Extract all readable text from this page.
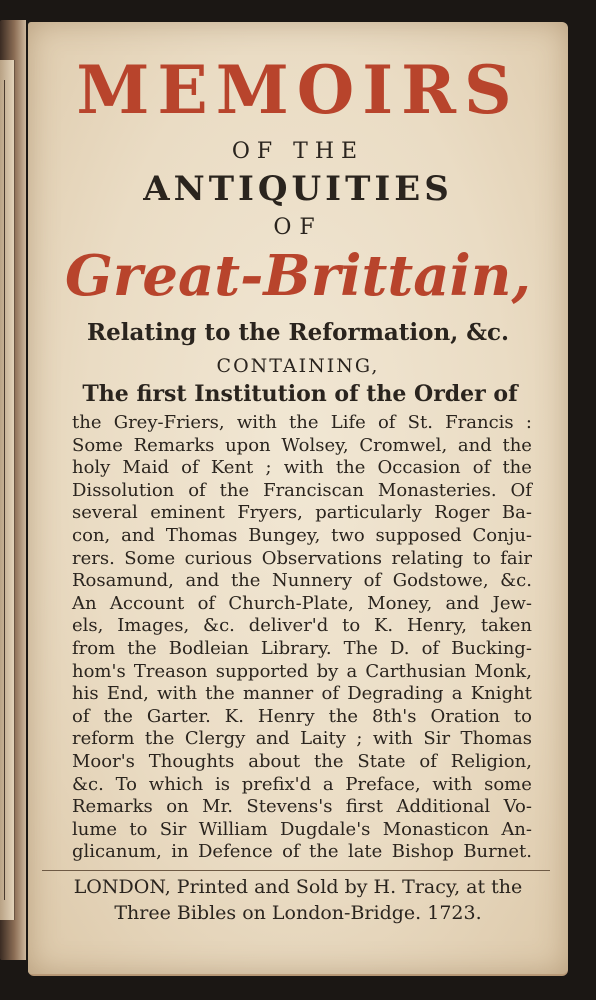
MEMOIRS
OF THE
ANTIQUITIES
OF
Great-Brittain,
Relating to the Reformation, &c.
CONTAINING,
The first Institution of the Order of
the Grey-Friers, with the Life of St. Francis :
Some Remarks upon Wolsey, Cromwel, and the
holy Maid of Kent ; with the Occasion of the
Dissolution of the Franciscan Monasteries. Of
several eminent Fryers, particularly Roger Ba-
con, and Thomas Bungey, two supposed Conju-
rers. Some curious Observations relating to fair
Rosamund, and the Nunnery of Godstowe, &c.
An Account of Church-Plate, Money, and Jew-
els, Images, &c. deliver'd to K. Henry, taken
from the Bodleian Library. The D. of Bucking-
hom's Treason supported by a Carthusian Monk,
his End, with the manner of Degrading a Knight
of the Garter. K. Henry the 8th's Oration to
reform the Clergy and Laity ; with Sir Thomas
Moor's Thoughts about the State of Religion,
&c. To which is prefix'd a Preface, with some
Remarks on Mr. Stevens's first Additional Vo-
lume to Sir William Dugdale's Monasticon An-
glicanum, in Defence of the late Bishop Burnet.
LONDON, Printed and Sold by H. Tracy, at the
Three Bibles on London-Bridge. 1723.
